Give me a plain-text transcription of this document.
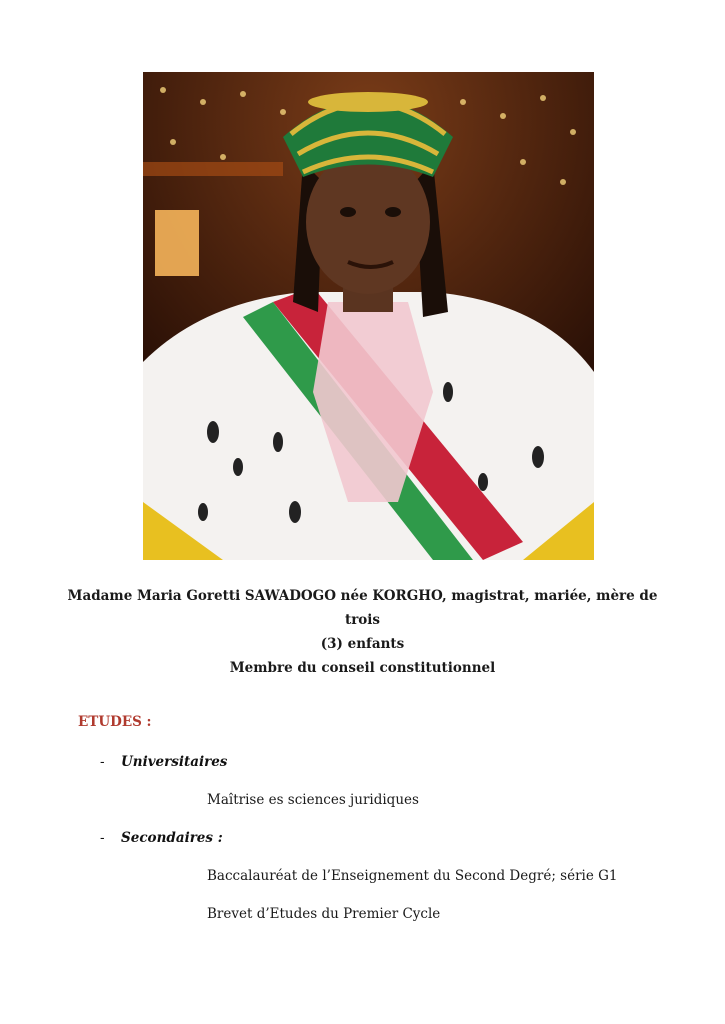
Madame Maria Goretti SAWADOGO née KORGHO, magistrat, mariée, mère de trois
(3) enfants
Membre du conseil constitutionnel
ETUDES :
- Universitaires
Maîtrise es sciences juridiques
- Secondaires :
Baccalauréat de l’Enseignement du Second Degré; série G1
Brevet d’Etudes du Premier Cycle
